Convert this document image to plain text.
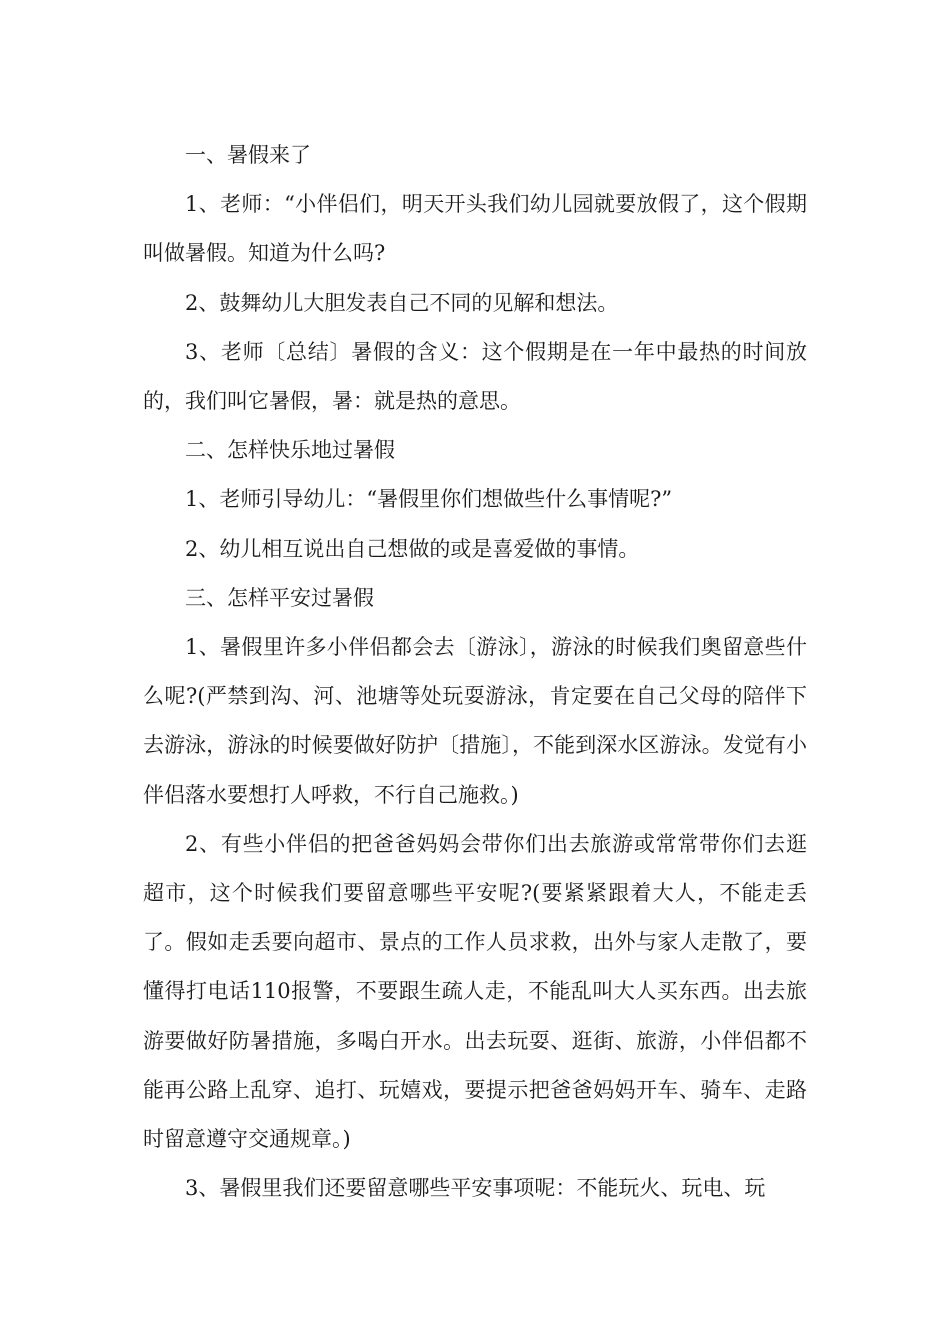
一、暑假来了

1、老师：“小伴侣们，明天开头我们幼儿园就要放假了，这个假期叫做暑假。知道为什么吗?

2、鼓舞幼儿大胆发表自己不同的见解和想法。

3、老师〔总结〕暑假的含义：这个假期是在一年中最热的时间放的，我们叫它暑假，暑：就是热的意思。

二、怎样快乐地过暑假

1、老师引导幼儿：“暑假里你们想做些什么事情呢?”

2、幼儿相互说出自己想做的或是喜爱做的事情。

三、怎样平安过暑假

1、暑假里许多小伴侣都会去〔游泳〕，游泳的时候我们奥留意些什么呢?(严禁到沟、河、池塘等处玩耍游泳，肯定要在自己父母的陪伴下去游泳，游泳的时候要做好防护〔措施〕，不能到深水区游泳。发觉有小伴侣落水要想打人呼救，不行自己施救。)

2、有些小伴侣的把爸爸妈妈会带你们出去旅游或常常带你们去逛超市，这个时候我们要留意哪些平安呢?(要紧紧跟着大人，不能走丢了。假如走丢要向超市、景点的工作人员求救，出外与家人走散了，要懂得打电话110报警，不要跟生疏人走，不能乱叫大人买东西。出去旅游要做好防暑措施，多喝白开水。出去玩耍、逛街、旅游，小伴侣都不能再公路上乱穿、追打、玩嬉戏，要提示把爸爸妈妈开车、骑车、走路时留意遵守交通规章。)

3、暑假里我们还要留意哪些平安事项呢：不能玩火、玩电、玩
